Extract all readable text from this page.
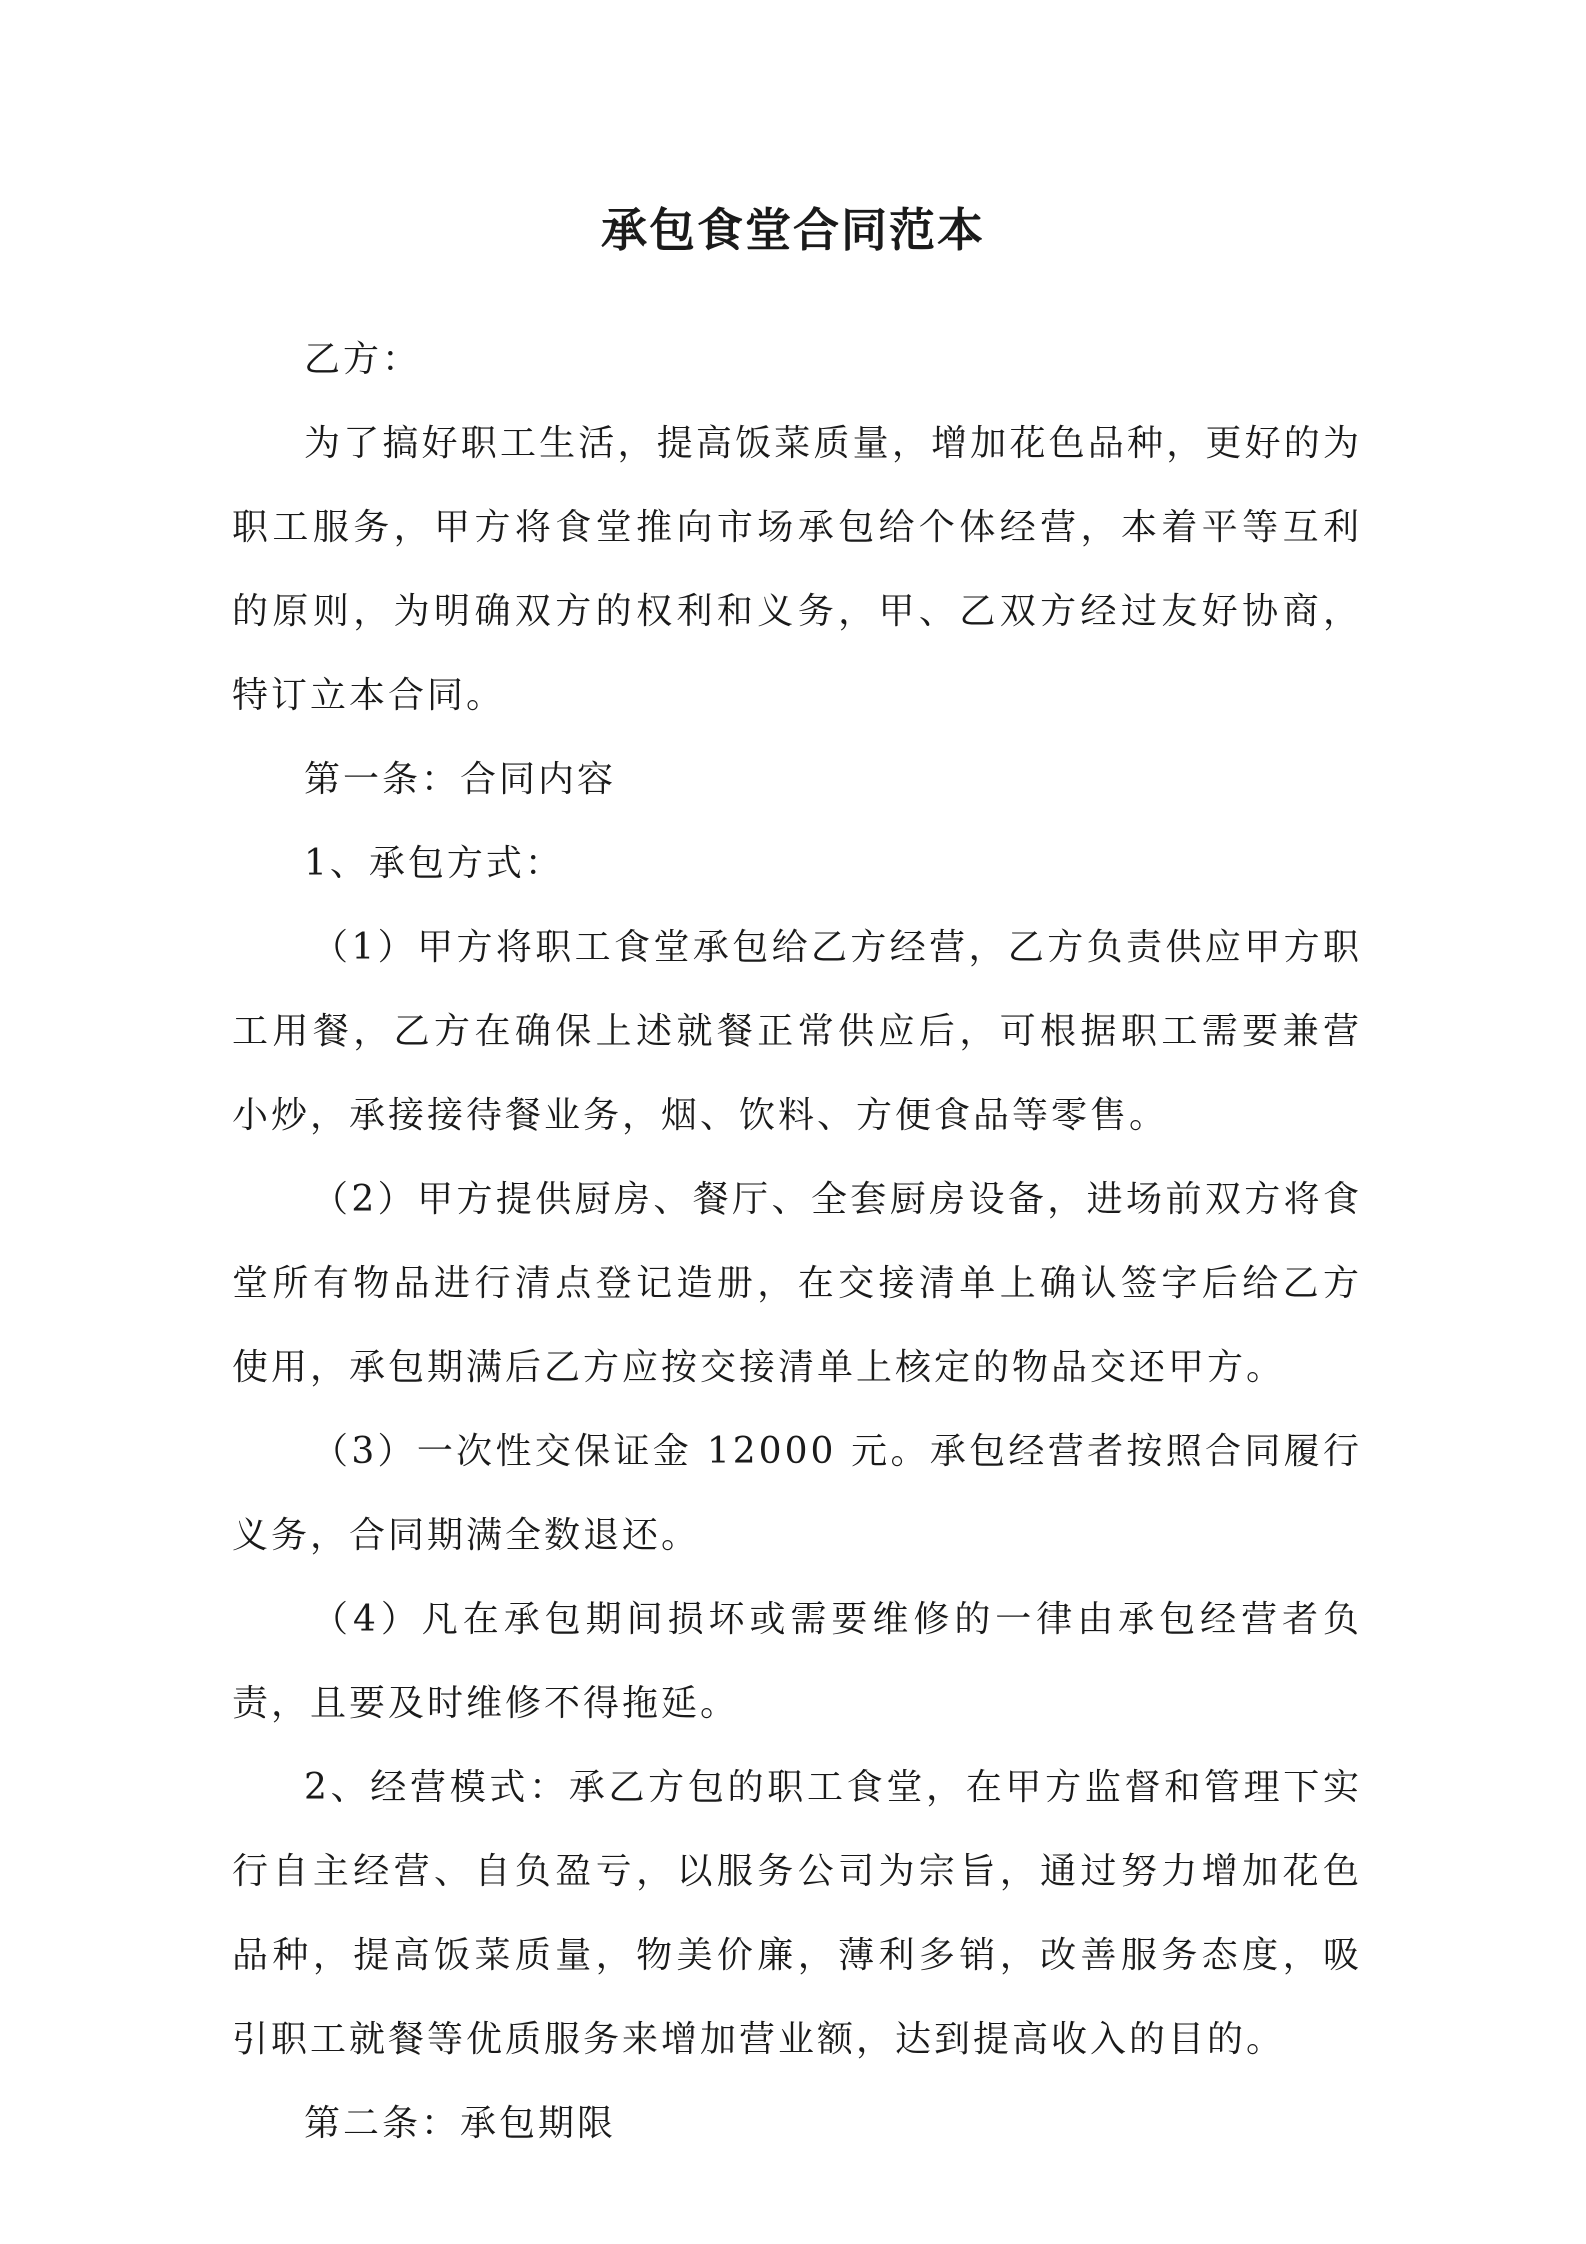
承包食堂合同范本

乙方：

为了搞好职工生活，提高饭菜质量，增加花色品种，更好的为职工服务，甲方将食堂推向市场承包给个体经营，本着平等互利的原则，为明确双方的权利和义务，甲、乙双方经过友好协商，特订立本合同。

第一条：合同内容

1、承包方式：

（1）甲方将职工食堂承包给乙方经营，乙方负责供应甲方职工用餐，乙方在确保上述就餐正常供应后，可根据职工需要兼营小炒，承接接待餐业务，烟、饮料、方便食品等零售。

（2）甲方提供厨房、餐厅、全套厨房设备，进场前双方将食堂所有物品进行清点登记造册，在交接清单上确认签字后给乙方使用，承包期满后乙方应按交接清单上核定的物品交还甲方。

（3）一次性交保证金 12000 元。承包经营者按照合同履行义务，合同期满全数退还。

（4）凡在承包期间损坏或需要维修的一律由承包经营者负责，且要及时维修不得拖延。

2、经营模式：承乙方包的职工食堂，在甲方监督和管理下实行自主经营、自负盈亏，以服务公司为宗旨，通过努力增加花色品种，提高饭菜质量，物美价廉，薄利多销，改善服务态度，吸引职工就餐等优质服务来增加营业额，达到提高收入的目的。

第二条：承包期限
